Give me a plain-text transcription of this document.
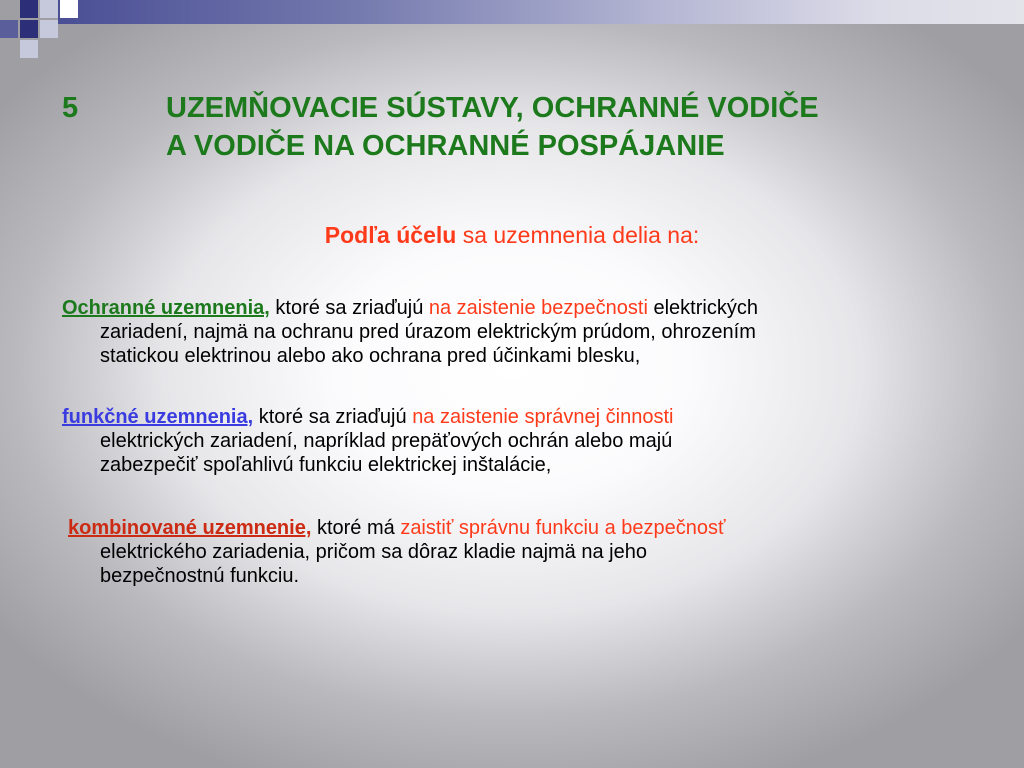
5	UZEMŇOVACIE SÚSTAVY, OCHRANNÉ VODIČE
A VODIČE NA OCHRANNÉ POSPÁJANIE
Podľa účelu sa uzemnenia delia na:
Ochranné uzemnenia, ktoré sa zriaďujú na zaistenie bezpečnosti elektrických
zariadení, najmä na ochranu pred úrazom elektrickým prúdom, ohrozením
statickou elektrinou alebo ako ochrana pred účinkami blesku,
funkčné uzemnenia, ktoré sa zriaďujú na zaistenie správnej činnosti
elektrických zariadení, napríklad prepäťových ochrán alebo majú
zabezpečiť spoľahlivú funkciu elektrickej inštalácie,
kombinované uzemnenie, ktoré má zaistiť správnu funkciu a bezpečnosť
elektrického zariadenia, pričom sa dôraz kladie najmä na jeho
bezpečnostnú funkciu.
